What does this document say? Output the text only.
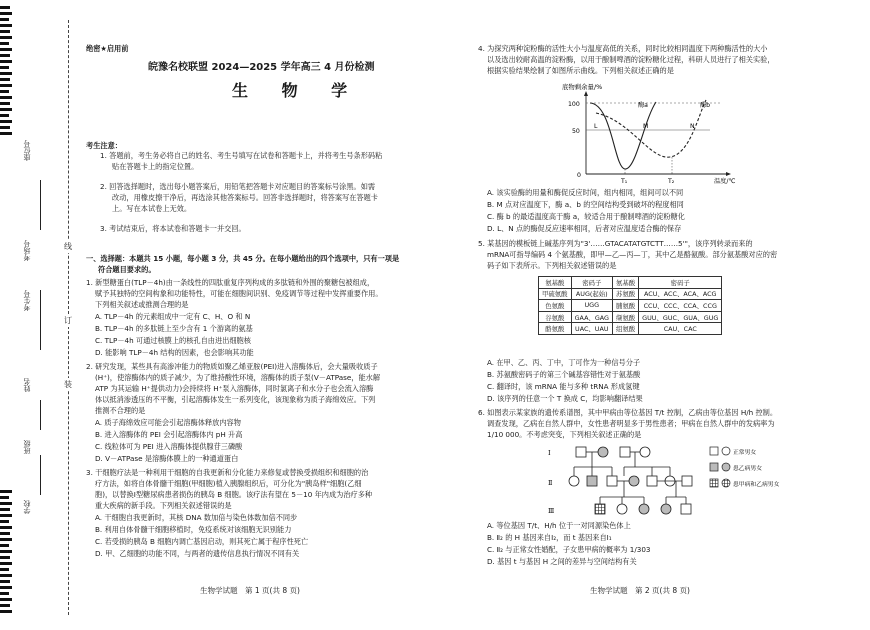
座位号
考场号
考生号
姓名
班级
学校
线
订
装
绝密★启用前
皖豫名校联盟 2024—2025 学年高三 4 月份检测
生 物 学
考生注意：
1. 答题前，考生务必将自己的姓名、考生号填写在试卷和答题卡上，并将考生号条形码粘
贴在答题卡上的指定位置。
2. 回答选择题时，选出每小题答案后，用铅笔把答题卡对应题目的答案标号涂黑。如需
改动，用橡皮擦干净后，再选涂其他答案标号。回答非选择题时，将答案写在答题卡
上。写在本试卷上无效。
3. 考试结束后，将本试卷和答题卡一并交回。
一、选择题：本题共 15 小题，每小题 3 分，共 45 分。在每小题给出的四个选项中，只有一项是
符合题目要求的。
1. 新型糖蛋白(TLP－4h)由一条线性的四肽重复序列构成的多肽链和外围的聚糖包被组成，
赋予其独特的空间构象和功能特性，可能在细胞间识别、免疫调节等过程中发挥重要作用。
下列相关叙述或推测合理的是
A. TLP－4h 的元素组成中一定有 C、H、O 和 N
B. TLP－4h 的多肽链上至少含有 1 个游离的氨基
C. TLP－4h 可通过核膜上的核孔自由进出细胞核
D. 能影响 TLP－4h 结构的因素，也会影响其功能
2. 研究发现，某些具有高渗冲能力的物质如聚乙烯亚胺(PEI)进入溶酶体后，会大量吸收质子
(H⁺)，使溶酶体内的质子减少，为了维持酸性环境，溶酶体的质子泵(V－ATPase，能水解
ATP 为其运输 H⁺提供动力)会持续将 H⁺泵入溶酶体，同时氯离子和水分子也会流入溶酶
体以抵消渗透压的不平衡，引起溶酶体发生一系列变化，该现象称为质子海绵效应。下列
推测不合理的是
A. 质子海绵效应可能会引起溶酶体释放内容物
B. 进入溶酶体的 PEI 会引起溶酶体内 pH 升高
C. 线粒体可为 PEI 进入溶酶体提供腺苷三磷酸
D. V－ATPase 是溶酶体膜上的一种通道蛋白
3. 干细胞疗法是一种利用干细胞的自我更新和分化能力来修复或替换受损组织和细胞的治
疗方法，如将自体骨髓干细胞(甲细胞)植入胰腺组织后，可分化为"胰岛样"细胞(乙细
胞)，以替换Ⅰ型糖尿病患者损伤的胰岛 B 细胞。该疗法有望在 5－10 年内成为治疗多种
重大疾病的新手段。下列相关叙述错误的是
A. 干细胞自我更新时，其核 DNA 数加倍与染色体数加倍不同步
B. 利用自体骨髓干细胞移植时，免疫系统对该细胞无识别能力
C. 若受损的胰岛 B 细胞内调亡基因启动，则其死亡属于程序性死亡
D. 甲、乙细胞的功能不同，与两者的遗传信息执行情况不同有关
生物学试题　第 1 页(共 8 页)
4. 为探究两种淀粉酶的活性大小与温度高低的关系，同时比较相同温度下两种酶活性的大小
以及选出较耐高温的淀粉酶，以用于酿制啤酒的淀粉糖化过程，科研人员进行了相关实验，
根据实验结果绘制了如图所示曲线。下列相关叙述正确的是
底物剩余量/%
100
50
0
酶a	酶b
L	M	N
T₁	T₂	温度/℃
A. 该实验酶的用量和酶促反应时间，组内相同，组间可以不同
B. M 点对应温度下，酶 a、b 的空间结构受到破坏的程度相同
C. 酶 b 的最适温度高于酶 a，较适合用于酿制啤酒的淀粉糖化
D. L、N 点的酶促反应速率相同，后者对应温度适合酶的保存
5. 某基因的模板链上碱基序列为"3'……GTACATATGTCTT……5'"，该序列转录而来的
mRNA可指导编码 4 个氨基酸，即甲—乙—丙—丁，其中乙是酪氨酸。部分氨基酸对应的密
码子如下表所示。下列相关叙述错误的是
氨基酸	密码子	氨基酸	密码子
甲硫氨酸	AUG(起始)	苏氨酸	ACU、ACC、ACA、ACG
色氨酸	UGG	脯氨酸	CCU、CCC、CCA、CCG
谷氨酸	GAA、GAG	缬氨酸	GUU、GUC、GUA、GUG
酪氨酸	UAC、UAU	组氨酸	CAU、CAC
A. 在甲、乙、丙、丁中，丁可作为一种信号分子
B. 苏氨酸密码子的第三个碱基容错性对于氨基酸
C. 翻译时，该 mRNA 能与多种 tRNA 形成氢键
D. 该序列的任意一个 T 换成 C，均影响翻译结果
6. 如图表示某家族的遗传系谱图，其中甲病由等位基因 T/t 控制，乙病由等位基因 H/h 控制。
调查发现，乙病在自然人群中，女性患者明显多于男性患者；甲病在自然人群中的发病率为
1/10 000。不考虑突变，下列相关叙述正确的是
Ⅰ
Ⅱ
Ⅲ
正常男女
患乙病男女
患甲病和乙病男女
A. 等位基因 T/t、H/h 位于一对同源染色体上
B. Ⅱ₂ 的 H 基因来自Ⅰ₂，而 t 基因来自Ⅰ₁
C. Ⅱ₂ 与正常女性婚配，子女患甲病的概率为 1/303
D. 基因 t 与基因 H 之间的差异与空间结构有关
生物学试题　第 2 页(共 8 页)
